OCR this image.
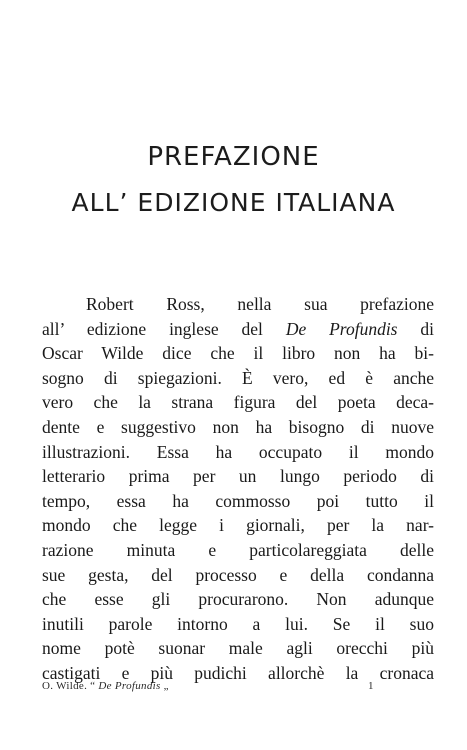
PREFAZIONE
ALL’ EDIZIONE ITALIANA
Robert Ross, nella sua prefazione
all’ edizione inglese del De Profundis di
Oscar Wilde dice che il libro non ha bi-
sogno di spiegazioni. È vero, ed è anche
vero che la strana figura del poeta deca-
dente e suggestivo non ha bisogno di nuove
illustrazioni. Essa ha occupato il mondo
letterario prima per un lungo periodo di
tempo, essa ha commosso poi tutto il
mondo che legge i giornali, per la nar-
razione minuta e particolareggiata delle
sue gesta, del processo e della condanna
che esse gli procurarono. Non adunque
inutili parole intorno a lui. Se il suo
nome potè suonar male agli orecchi più
castigati e più pudichi allorchè la cronaca
O. Wilde. “ De Profundis „	1
